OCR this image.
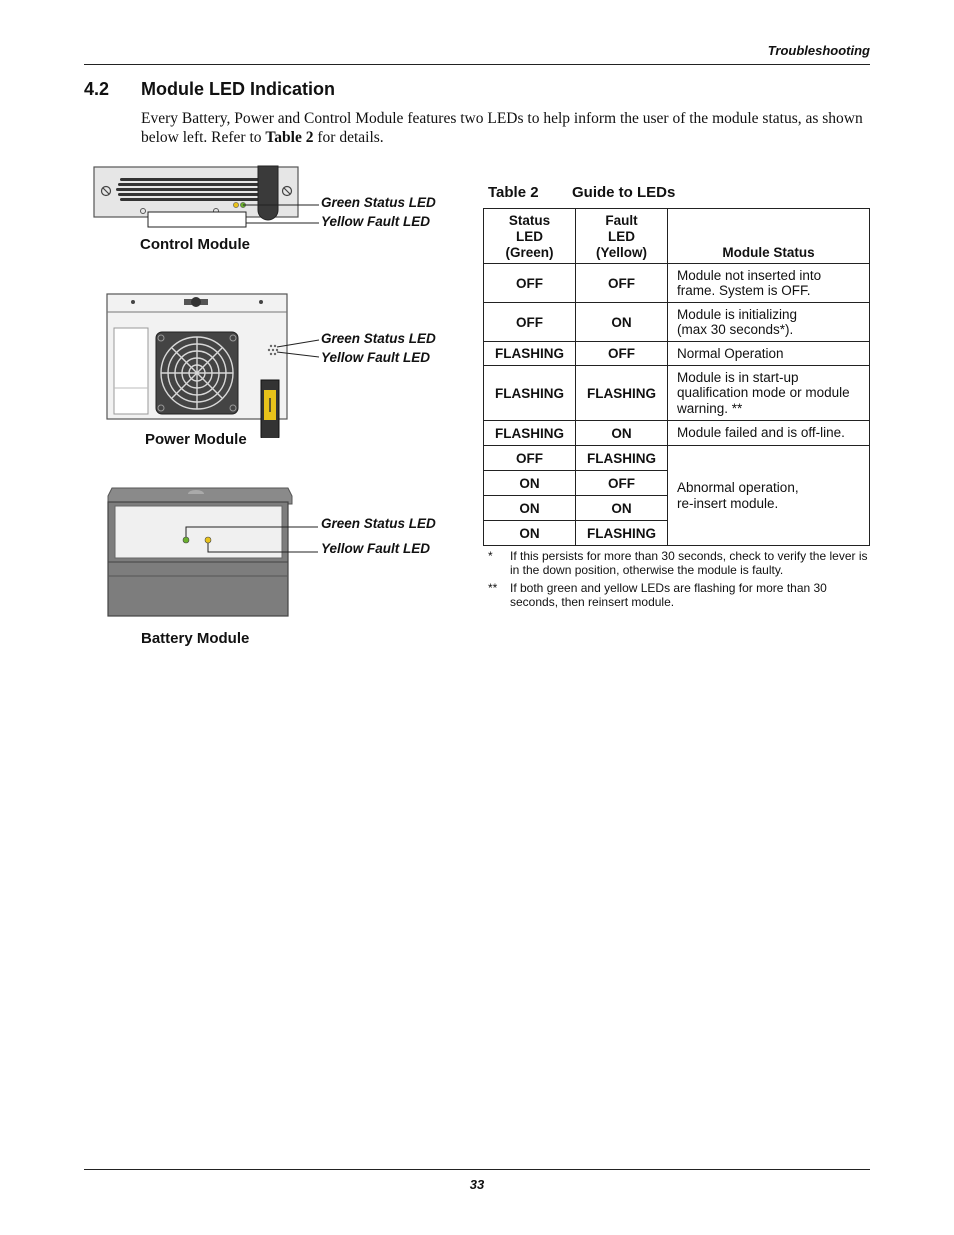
Troubleshooting
4.2 Module LED Indication
Every Battery, Power and Control Module features two LEDs to help inform the user of the module status, as shown below left. Refer to Table 2 for details.
Green Status LED
Yellow Fault LED
Control Module
Green Status LED
Yellow Fault LED
Power Module
Green Status LED
Yellow Fault LED
Battery Module
Table 2 Guide to LEDs
Status
LED
(Green)	Fault
LED
(Yellow)	Module Status
OFF	OFF	Module not inserted into
frame. System is OFF.
OFF	ON	Module is initializing
(max 30 seconds*).
FLASHING	OFF	Normal Operation
FLASHING	FLASHING	Module is in start-up
qualification mode or module
warning. **
FLASHING	ON	Module failed and is off-line.
OFF	FLASHING	Abnormal operation,
re-insert module.
ON	OFF	
ON	ON	
ON	FLASHING	
* If this persists for more than 30 seconds, check to verify the lever is in the down position, otherwise the module is faulty.
** If both green and yellow LEDs are flashing for more than 30 seconds, then reinsert module.
33
